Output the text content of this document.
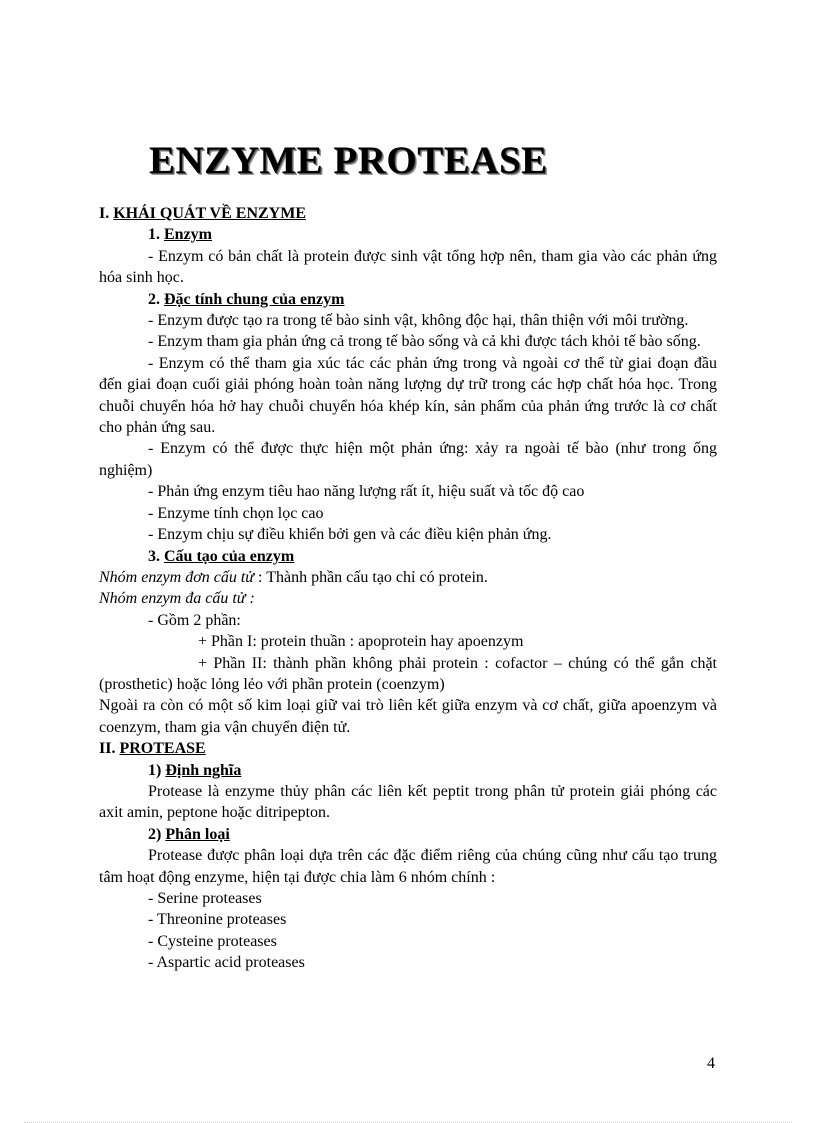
ENZYME PROTEASE

I. KHÁI QUÁT VỀ ENZYME

1. Enzym

- Enzym có bản chất là protein được sinh vật tổng hợp nên, tham gia vào các phản ứng hóa sinh học.

2. Đặc tính chung của enzym

- Enzym được tạo ra trong tế bào sinh vật, không độc hại, thân thiện với môi trường.

- Enzym tham gia phản ứng cả trong tế bào sống và cả khi được tách khỏi tế bào sống.

- Enzym có thể tham gia xúc tác các phản ứng trong và ngoài cơ thể từ giai đoạn đầu đến giai đoạn cuối giải phóng hoàn toàn năng lượng dự trữ trong các hợp chất hóa học. Trong chuỗi chuyển hóa hở hay chuỗi chuyển hóa khép kín, sản phẩm của phản ứng trước là cơ chất cho phản ứng sau.

- Enzym có thể được thực hiện một phản ứng: xảy ra ngoài tế bào (như trong ống nghiệm)

- Phản ứng enzym tiêu hao năng lượng rất ít, hiệu suất và tốc độ cao

- Enzyme tính chọn lọc cao

- Enzym chịu sự điều khiển bởi gen và các điều kiện phản ứng.

3. Cấu tạo của enzym

Nhóm enzym đơn cấu tử : Thành phần cấu tạo chỉ có protein.

Nhóm enzym đa cấu tử :

- Gồm 2 phần:

+ Phần I: protein thuần : apoprotein hay apoenzym

+ Phần II: thành phần không phải protein : cofactor – chúng có thể gắn chặt (prosthetic) hoặc lỏng lẻo với phần protein (coenzym)

Ngoài ra còn có một số kim loại giữ vai trò liên kết giữa enzym và cơ chất, giữa apoenzym và coenzym, tham gia vận chuyển điện tử.

II. PROTEASE

1) Định nghĩa

Protease là enzyme thủy phân các liên kết peptit trong phân tử protein giải phóng các axit amin, peptone hoặc ditripepton.

2) Phân loại

Protease được phân loại dựa trên các đặc điểm riêng của chúng cũng như cấu tạo trung tâm hoạt động enzyme, hiện tại được chia làm 6 nhóm chính :

- Serine proteases

- Threonine proteases

- Cysteine proteases

- Aspartic acid proteases

4
